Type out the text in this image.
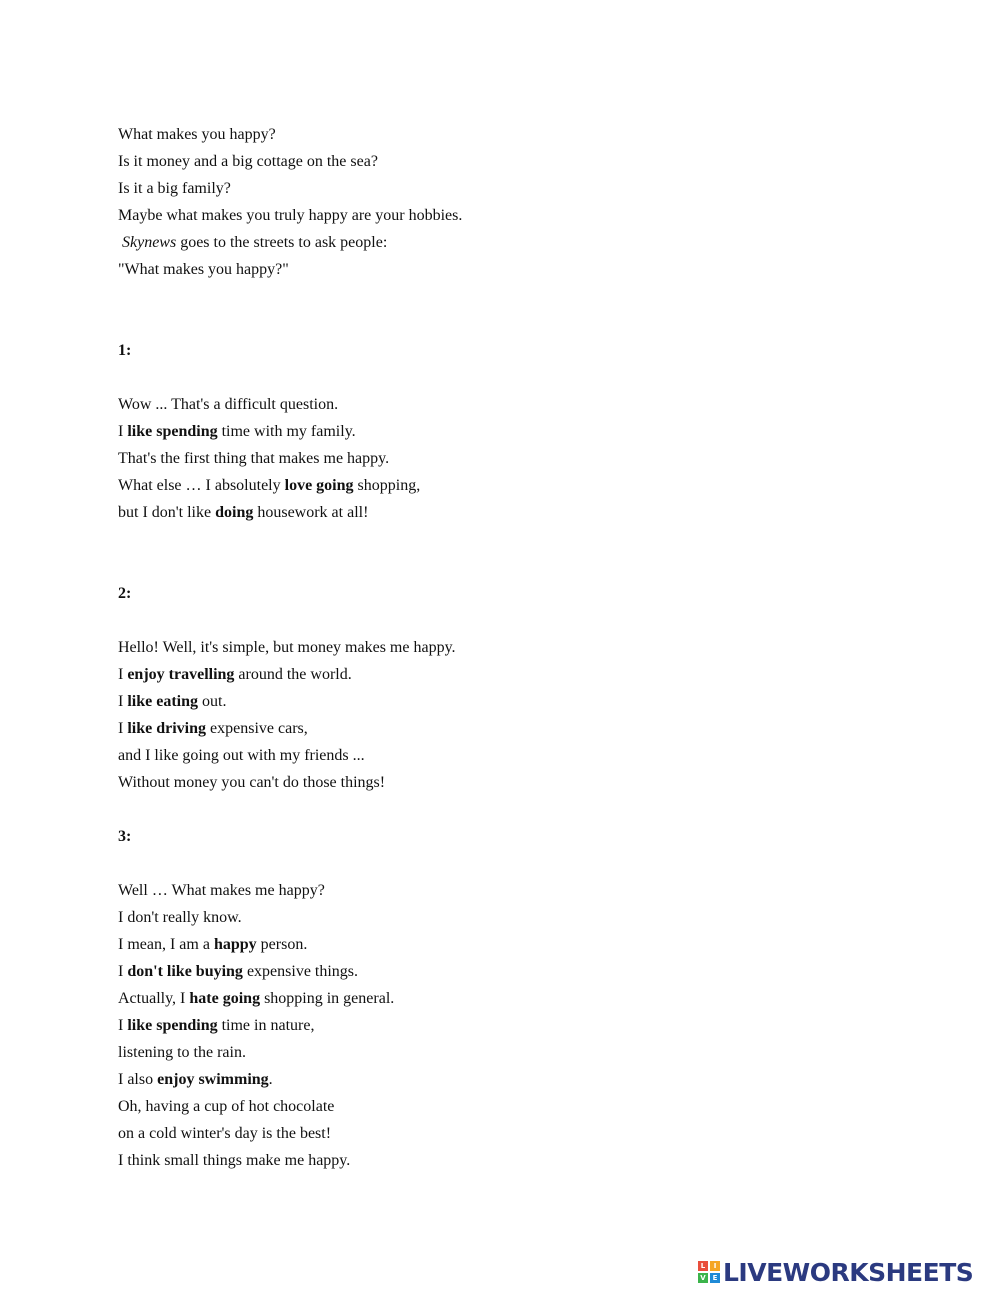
What makes you happy?
Is it money and a big cottage on the sea?
Is it a big family?
Maybe what makes you truly happy are your hobbies.
Skynews goes to the streets to ask people:
"What makes you happy?"
1:
Wow ... That's a difficult question.
I like spending time with my family.
That's the first thing that makes me happy.
What else … I absolutely love going shopping,
but I don't like doing housework at all!
2:
Hello! Well, it's simple, but money makes me happy.
I enjoy travelling around the world.
I like eating out.
I like driving expensive cars,
and I like going out with my friends ...
Without money you can't do those things!
3:
Well … What makes me happy?
I don't really know.
I mean, I am a happy person.
I don't like buying expensive things.
Actually, I hate going shopping in general.
I like spending time in nature,
listening to the rain.
I also enjoy swimming.
Oh, having a cup of hot chocolate
on a cold winter's day is the best!
I think small things make me happy.
L	I
V E LIVEWORKSHEETS
